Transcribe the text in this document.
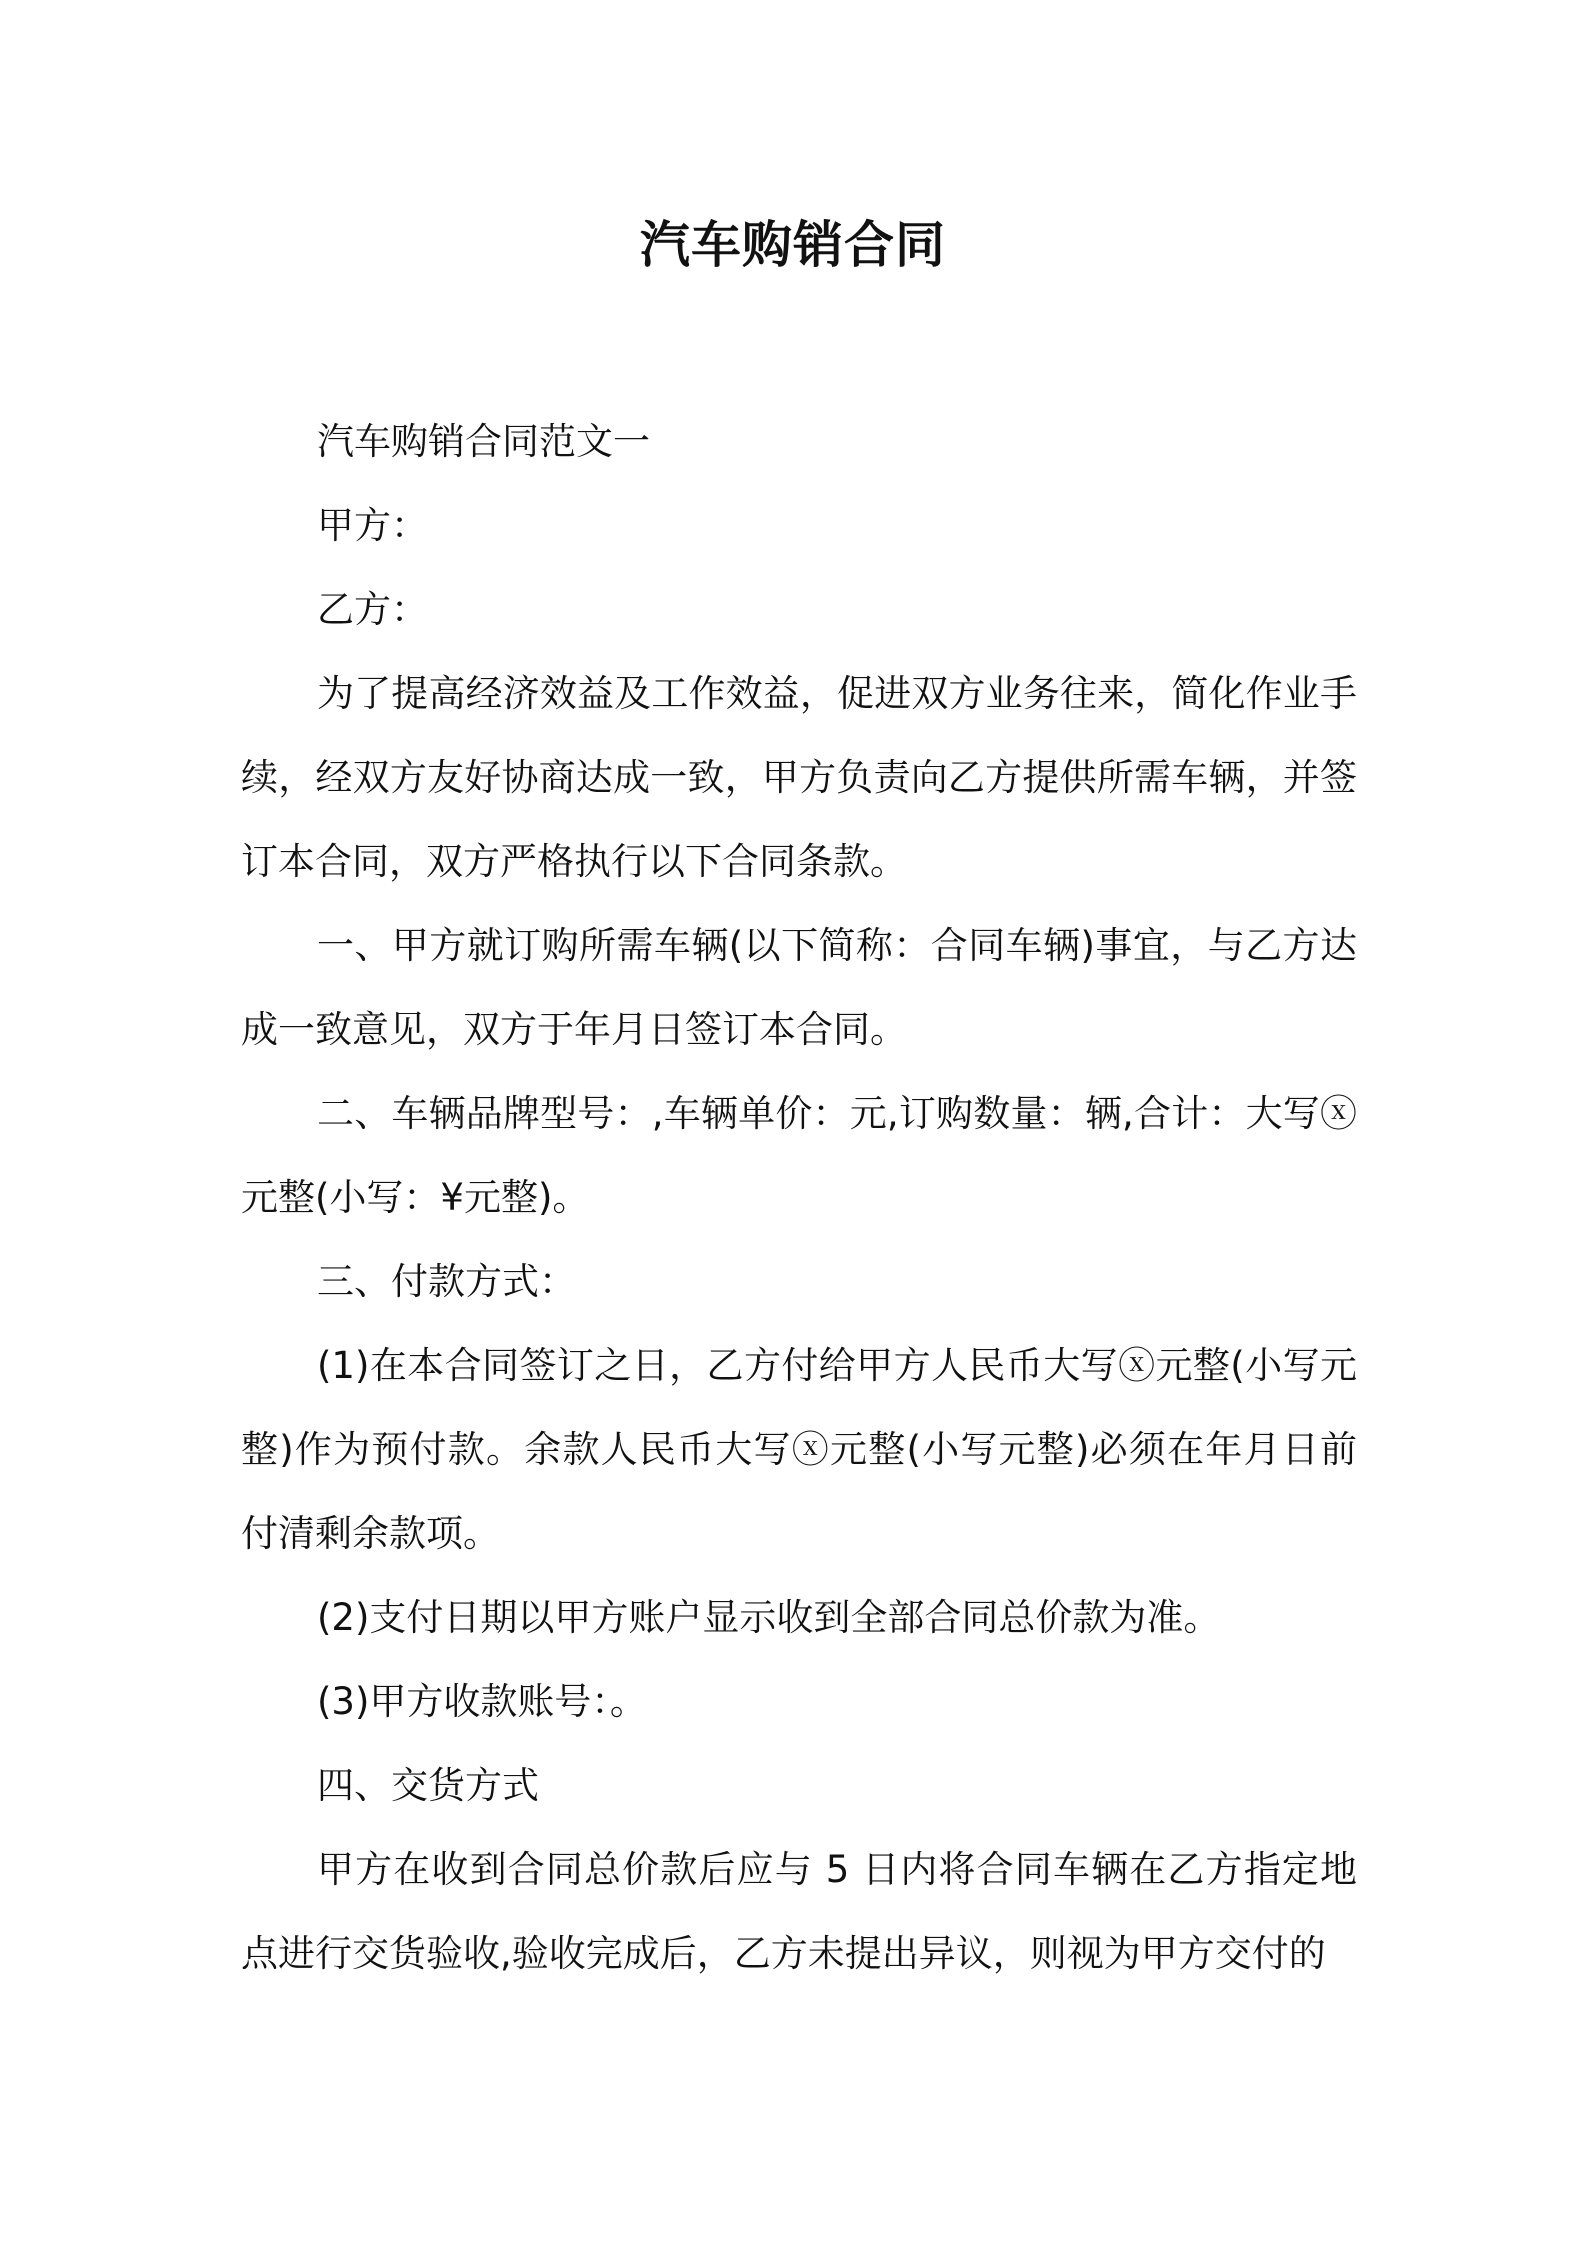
汽车购销合同

汽车购销合同范文一

甲方：

乙方：

为了提高经济效益及工作效益，促进双方业务往来，简化作业手续，经双方友好协商达成一致，甲方负责向乙方提供所需车辆，并签订本合同，双方严格执行以下合同条款。

一、甲方就订购所需车辆(以下简称：合同车辆)事宜，与乙方达成一致意见，双方于年月日签订本合同。

二、车辆品牌型号：,车辆单价：元,订购数量：辆,合计：大写ⓧ元整(小写：¥元整)。

三、付款方式：

(1)在本合同签订之日，乙方付给甲方人民币大写ⓧ元整(小写元整)作为预付款。余款人民币大写ⓧ元整(小写元整)必须在年月日前付清剩余款项。

(2)支付日期以甲方账户显示收到全部合同总价款为准。

(3)甲方收款账号：。

四、交货方式

甲方在收到合同总价款后应与 5 日内将合同车辆在乙方指定地点进行交货验收,验收完成后，乙方未提出异议，则视为甲方交付的
